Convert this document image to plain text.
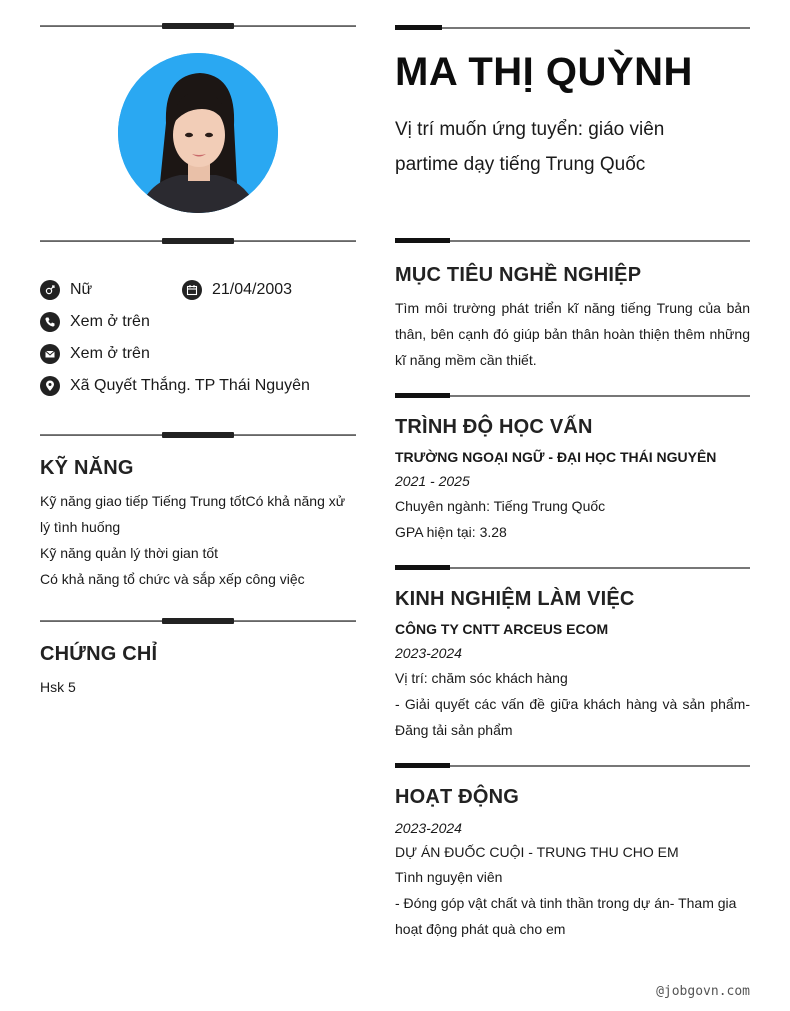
Nữ	21/04/2003
Xem ở trên
Xem ở trên
Xã Quyết Thắng. TP Thái Nguyên
KỸ NĂNG
Kỹ năng giao tiếp Tiếng Trung tốtCó khả năng xử lý tình huống
Kỹ năng quản lý thời gian tốt
Có khả năng tổ chức và sắp xếp công việc
CHỨNG CHỈ
Hsk 5
MA THỊ QUỲNH
Vị trí muốn ứng tuyển: giáo viên partime dạy tiếng Trung Quốc
MỤC TIÊU NGHỀ NGHIỆP
Tìm môi trường phát triển kĩ năng tiếng Trung của bản thân, bên cạnh đó giúp bản thân hoàn thiện thêm những kĩ năng mềm cần thiết.
TRÌNH ĐỘ HỌC VẤN
TRƯỜNG NGOẠI NGỮ - ĐẠI HỌC THÁI NGUYÊN
2021 - 2025
Chuyên ngành: Tiếng Trung Quốc
GPA hiện tại: 3.28
KINH NGHIỆM LÀM VIỆC
CÔNG TY CNTT ARCEUS ECOM
2023-2024
Vị trí: chăm sóc khách hàng
- Giải quyết các vấn đề giữa khách hàng và sản phẩm- Đăng tải sản phẩm
HOẠT ĐỘNG
2023-2024
DỰ ÁN ĐUỐC CUỘI - TRUNG THU CHO EM
Tình nguyện viên
- Đóng góp vật chất và tinh thần trong dự án- Tham gia hoạt động phát quà cho em
@jobgovn.com
